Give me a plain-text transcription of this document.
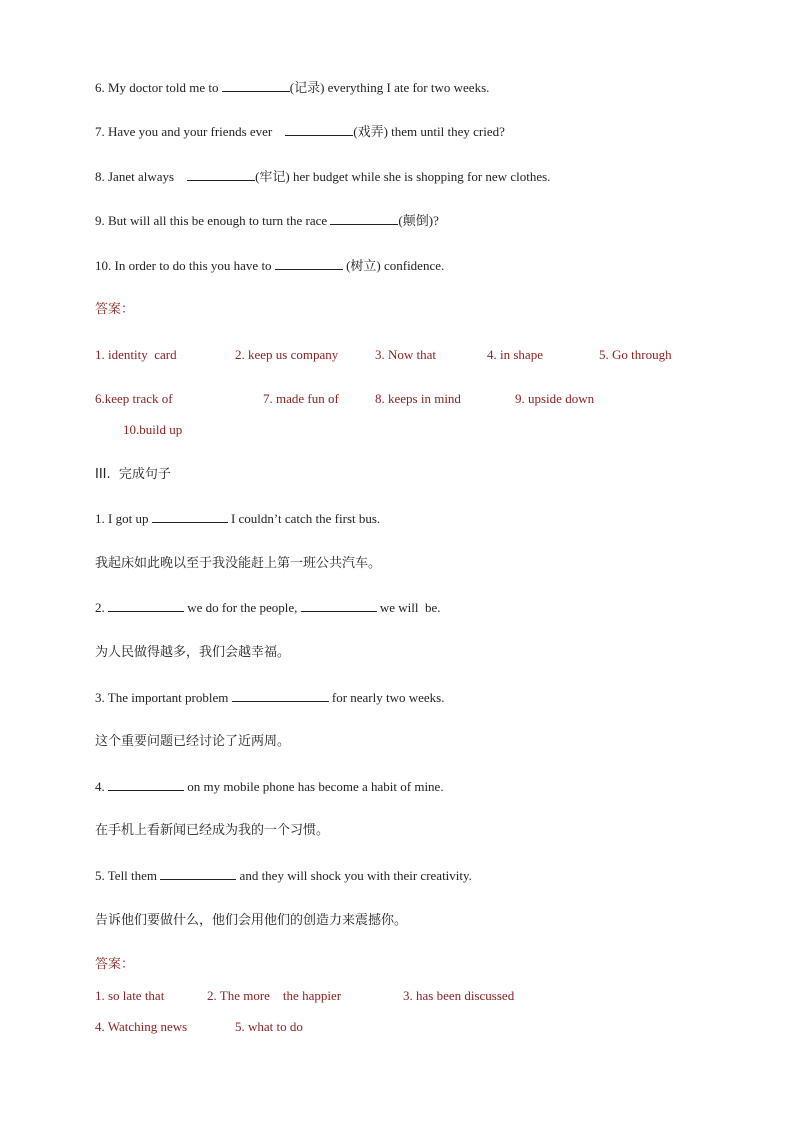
6. My doctor told me to	(记录) everything I ate for two weeks.
7. Have you and your friends ever	(戏弄) them until they cried?
8. Janet always	(牢记) her budget while she is shopping for new clothes.
9. But will all this be enough to turn the race	(颠倒)?
10. In order to do this you have to	(树立) confidence.
答案：
1. identity  card	2. keep us company	3. Now that	4. in shape	5. Go through
6.keep track of	7. made fun of	8. keeps in mind	9. upside down
10.build up
III.  完成句子
1. I got up	I couldn’t catch the first bus.
我起床如此晚以至于我没能赶上第一班公共汽车。
2.	we do for the people,	we will  be.
为人民做得越多，我们会越幸福。
3. The important problem	for nearly two weeks.
这个重要问题已经讨论了近两周。
4.	on my mobile phone has become a habit of mine.
在手机上看新闻已经成为我的一个习惯。
5. Tell them	and they will shock you with their creativity.
告诉他们要做什么，他们会用他们的创造力来震撼你。
答案：
1. so late that	2. The more    the happier	3. has been discussed
4. Watching news	5. what to do
